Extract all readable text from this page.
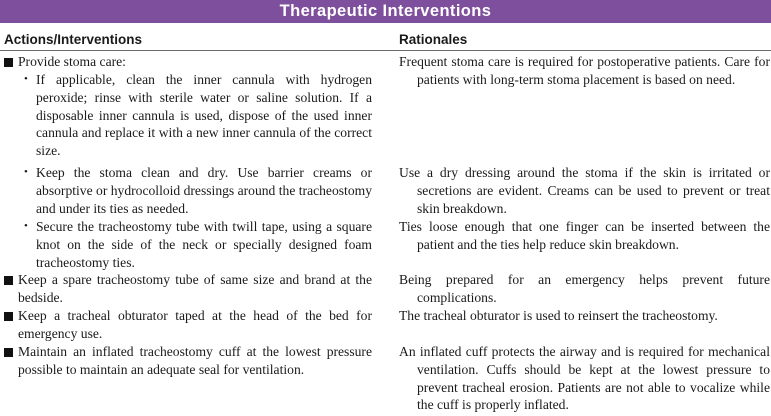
Therapeutic Interventions
Actions/Interventions	Rationales
Provide stoma care:
• If applicable, clean the inner cannula with hydrogen peroxide; rinse with sterile water or saline solution. If a disposable inner cannula is used, dispose of the used inner cannula and replace it with a new inner cannula of the correct size.
• Keep the stoma clean and dry. Use barrier creams or absorptive or hydrocolloid dressings around the tracheostomy and under its ties as needed.
• Secure the tracheostomy tube with twill tape, using a square knot on the side of the neck or specially designed foam tracheostomy ties.
Keep a spare tracheostomy tube of same size and brand at the bedside.
Keep a tracheal obturator taped at the head of the bed for emergency use.
Maintain an inflated tracheostomy cuff at the lowest pressure possible to maintain an adequate seal for ventilation.
Frequent stoma care is required for postoperative patients. Care for patients with long-term stoma placement is based on need.
Use a dry dressing around the stoma if the skin is irritated or secretions are evident. Creams can be used to prevent or treat skin breakdown.
Ties loose enough that one finger can be inserted between the patient and the ties help reduce skin breakdown.
Being prepared for an emergency helps prevent future complications.
The tracheal obturator is used to reinsert the tracheostomy.
An inflated cuff protects the airway and is required for mechanical ventilation. Cuffs should be kept at the lowest pressure to prevent tracheal erosion. Patients are not able to vocalize while the cuff is properly inflated.
